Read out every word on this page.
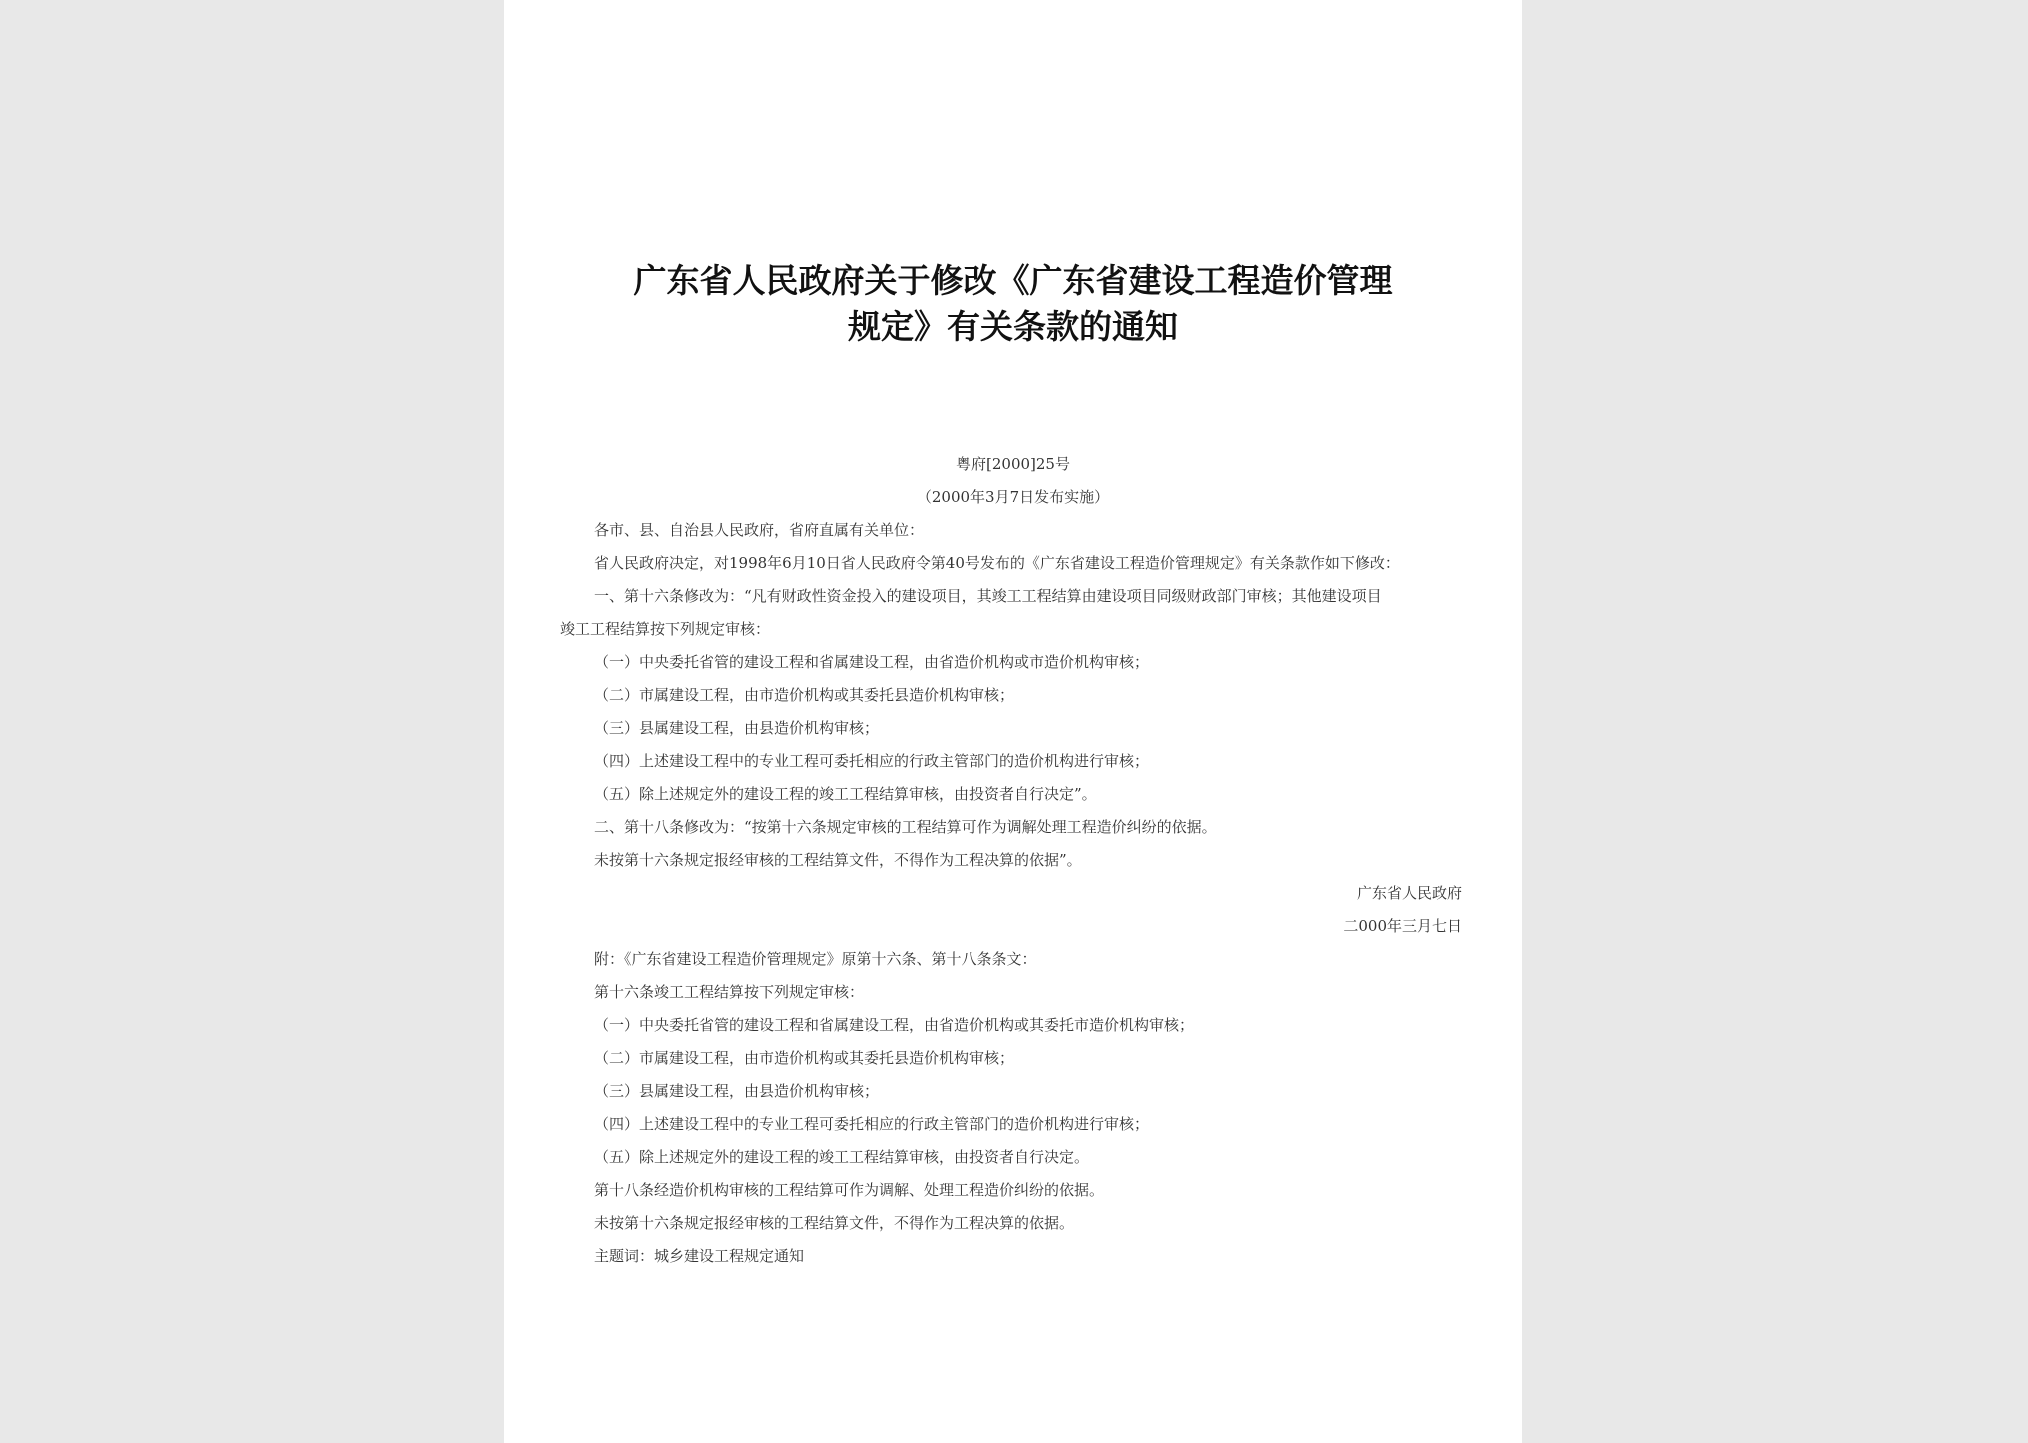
广东省人民政府关于修改《广东省建设工程造价管理
规定》有关条款的通知
粤府[2000]25号
（2000年3月7日发布实施）
各市、县、自治县人民政府，省府直属有关单位：
省人民政府决定，对1998年6月10日省人民政府令第40号发布的《广东省建设工程造价管理规定》有关条款作如下修改：
一、第十六条修改为：“凡有财政性资金投入的建设项目，其竣工工程结算由建设项目同级财政部门审核；其他建设项目
竣工工程结算按下列规定审核：
（一）中央委托省管的建设工程和省属建设工程，由省造价机构或市造价机构审核；
（二）市属建设工程，由市造价机构或其委托县造价机构审核；
（三）县属建设工程，由县造价机构审核；
（四）上述建设工程中的专业工程可委托相应的行政主管部门的造价机构进行审核；
（五）除上述规定外的建设工程的竣工工程结算审核，由投资者自行决定”。
二、第十八条修改为：“按第十六条规定审核的工程结算可作为调解处理工程造价纠纷的依据。
未按第十六条规定报经审核的工程结算文件，不得作为工程决算的依据”。
广东省人民政府
二000年三月七日
附：《广东省建设工程造价管理规定》原第十六条、第十八条条文：
第十六条竣工工程结算按下列规定审核：
（一）中央委托省管的建设工程和省属建设工程，由省造价机构或其委托市造价机构审核；
（二）市属建设工程，由市造价机构或其委托县造价机构审核；
（三）县属建设工程，由县造价机构审核；
（四）上述建设工程中的专业工程可委托相应的行政主管部门的造价机构进行审核；
（五）除上述规定外的建设工程的竣工工程结算审核，由投资者自行决定。
第十八条经造价机构审核的工程结算可作为调解、处理工程造价纠纷的依据。
未按第十六条规定报经审核的工程结算文件，不得作为工程决算的依据。
主题词：城乡建设工程规定通知
